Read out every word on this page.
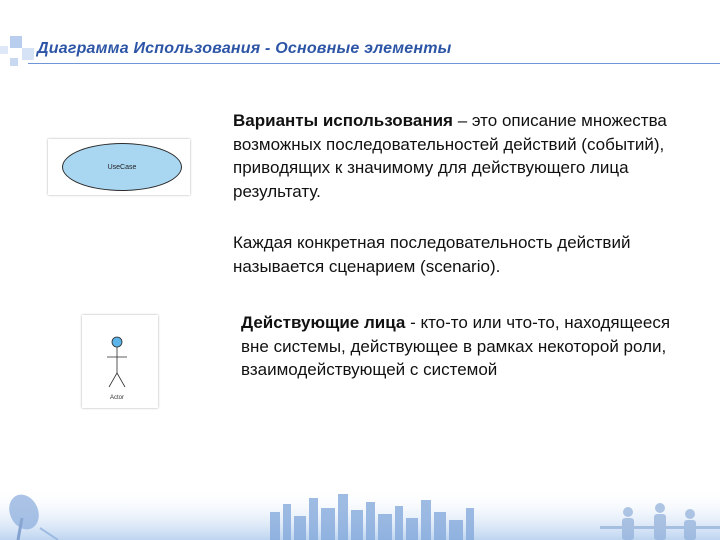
Диаграмма Использования - Основные элементы
UseCase
Actor
Варианты использования – это описание множества возможных последовательностей действий (событий), приводящих к значимому для действующего лица результату.
Каждая конкретная последовательность действий называется сценарием (scenario).
Действующие лица - кто-то или что-то, находящееся вне системы, действующее в рамках некоторой роли, взаимодействующей с системой
